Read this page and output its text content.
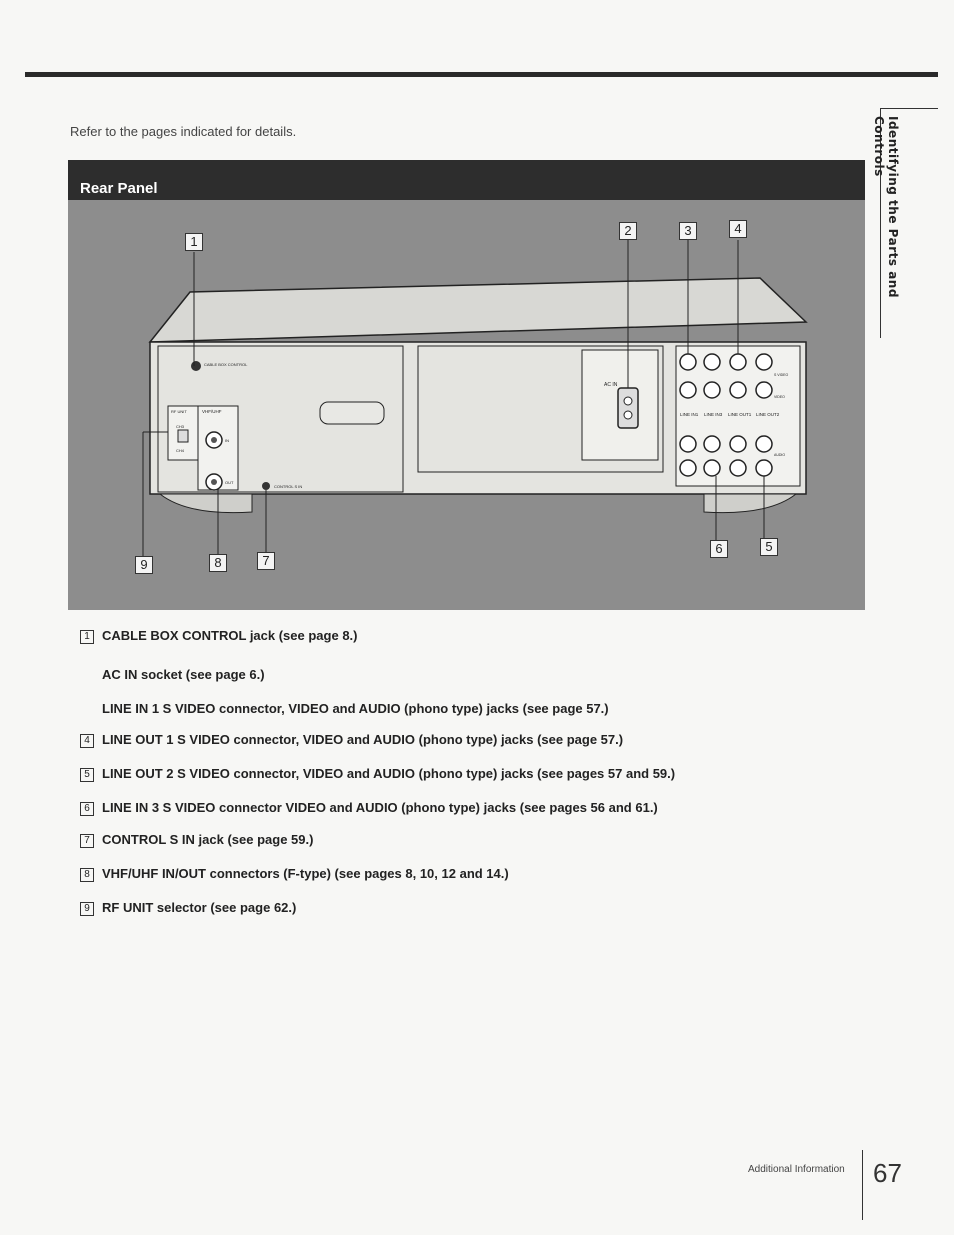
Refer to the pages indicated for details.	Identifying the Parts and Controls
Rear Panel
CABLE BOX CONTROL
RF UNIT
CH3
CH4
VHF/UHF
IN
OUT
CONTROL S IN
AC IN
LINE IN1 LINE IN3 LINE OUT1 LINE OUT2
S VIDEO
VIDEO
AUDIO
1
2	3	4
5
6
7
8
9
1 CABLE BOX CONTROL jack (see page 8.)
AC IN socket (see page 6.)
LINE IN 1 S VIDEO connector, VIDEO and AUDIO (phono type) jacks (see page 57.)
4 LINE OUT 1 S VIDEO connector, VIDEO and AUDIO (phono type) jacks (see page 57.)
5 LINE OUT 2 S VIDEO connector, VIDEO and AUDIO (phono type) jacks (see pages 57 and 59.)
6 LINE IN 3 S VIDEO connector VIDEO and AUDIO (phono type) jacks (see pages 56 and 61.)
7 CONTROL S IN jack (see page 59.)
8 VHF/UHF IN/OUT connectors (F-type) (see pages 8, 10, 12 and 14.)
9 RF UNIT selector (see page 62.)
Additional Information 67
